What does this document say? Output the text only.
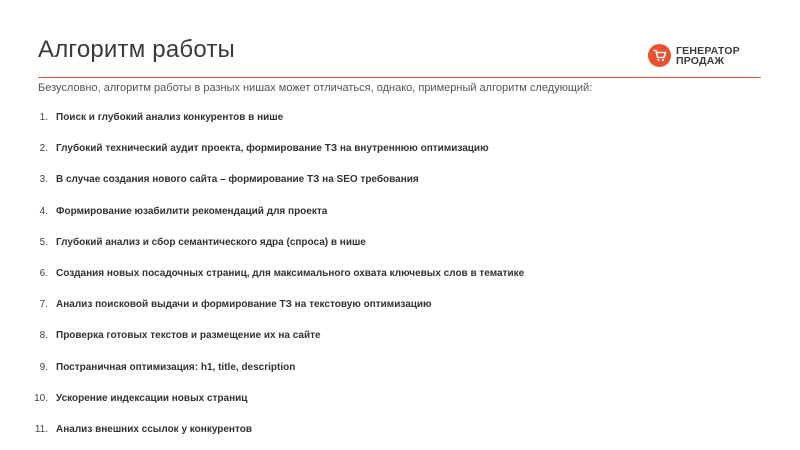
Алгоритм работы	ГЕНЕРАТОР
ПРОДАЖ
Безусловно, алгоритм работы в разных нишах может отличаться, однако, примерный алгоритм следующий:
1. Поиск и глубокий анализ конкурентов в нише
2. Глубокий технический аудит проекта, формирование ТЗ на внутреннюю оптимизацию
3. В случае создания нового сайта – формирование ТЗ на SEO требования
4. Формирование юзабилити рекомендаций для проекта
5. Глубокий анализ и сбор семантического ядра (спроса) в нише
6. Создания новых посадочных страниц, для максимального охвата ключевых слов в тематике
7. Анализ поисковой выдачи и формирование ТЗ на текстовую оптимизацию
8. Проверка готовых текстов и размещение их на сайте
9. Постраничная оптимизация: h1, title, description
10. Ускорение индексации новых страниц
11. Анализ внешних ссылок у конкурентов
